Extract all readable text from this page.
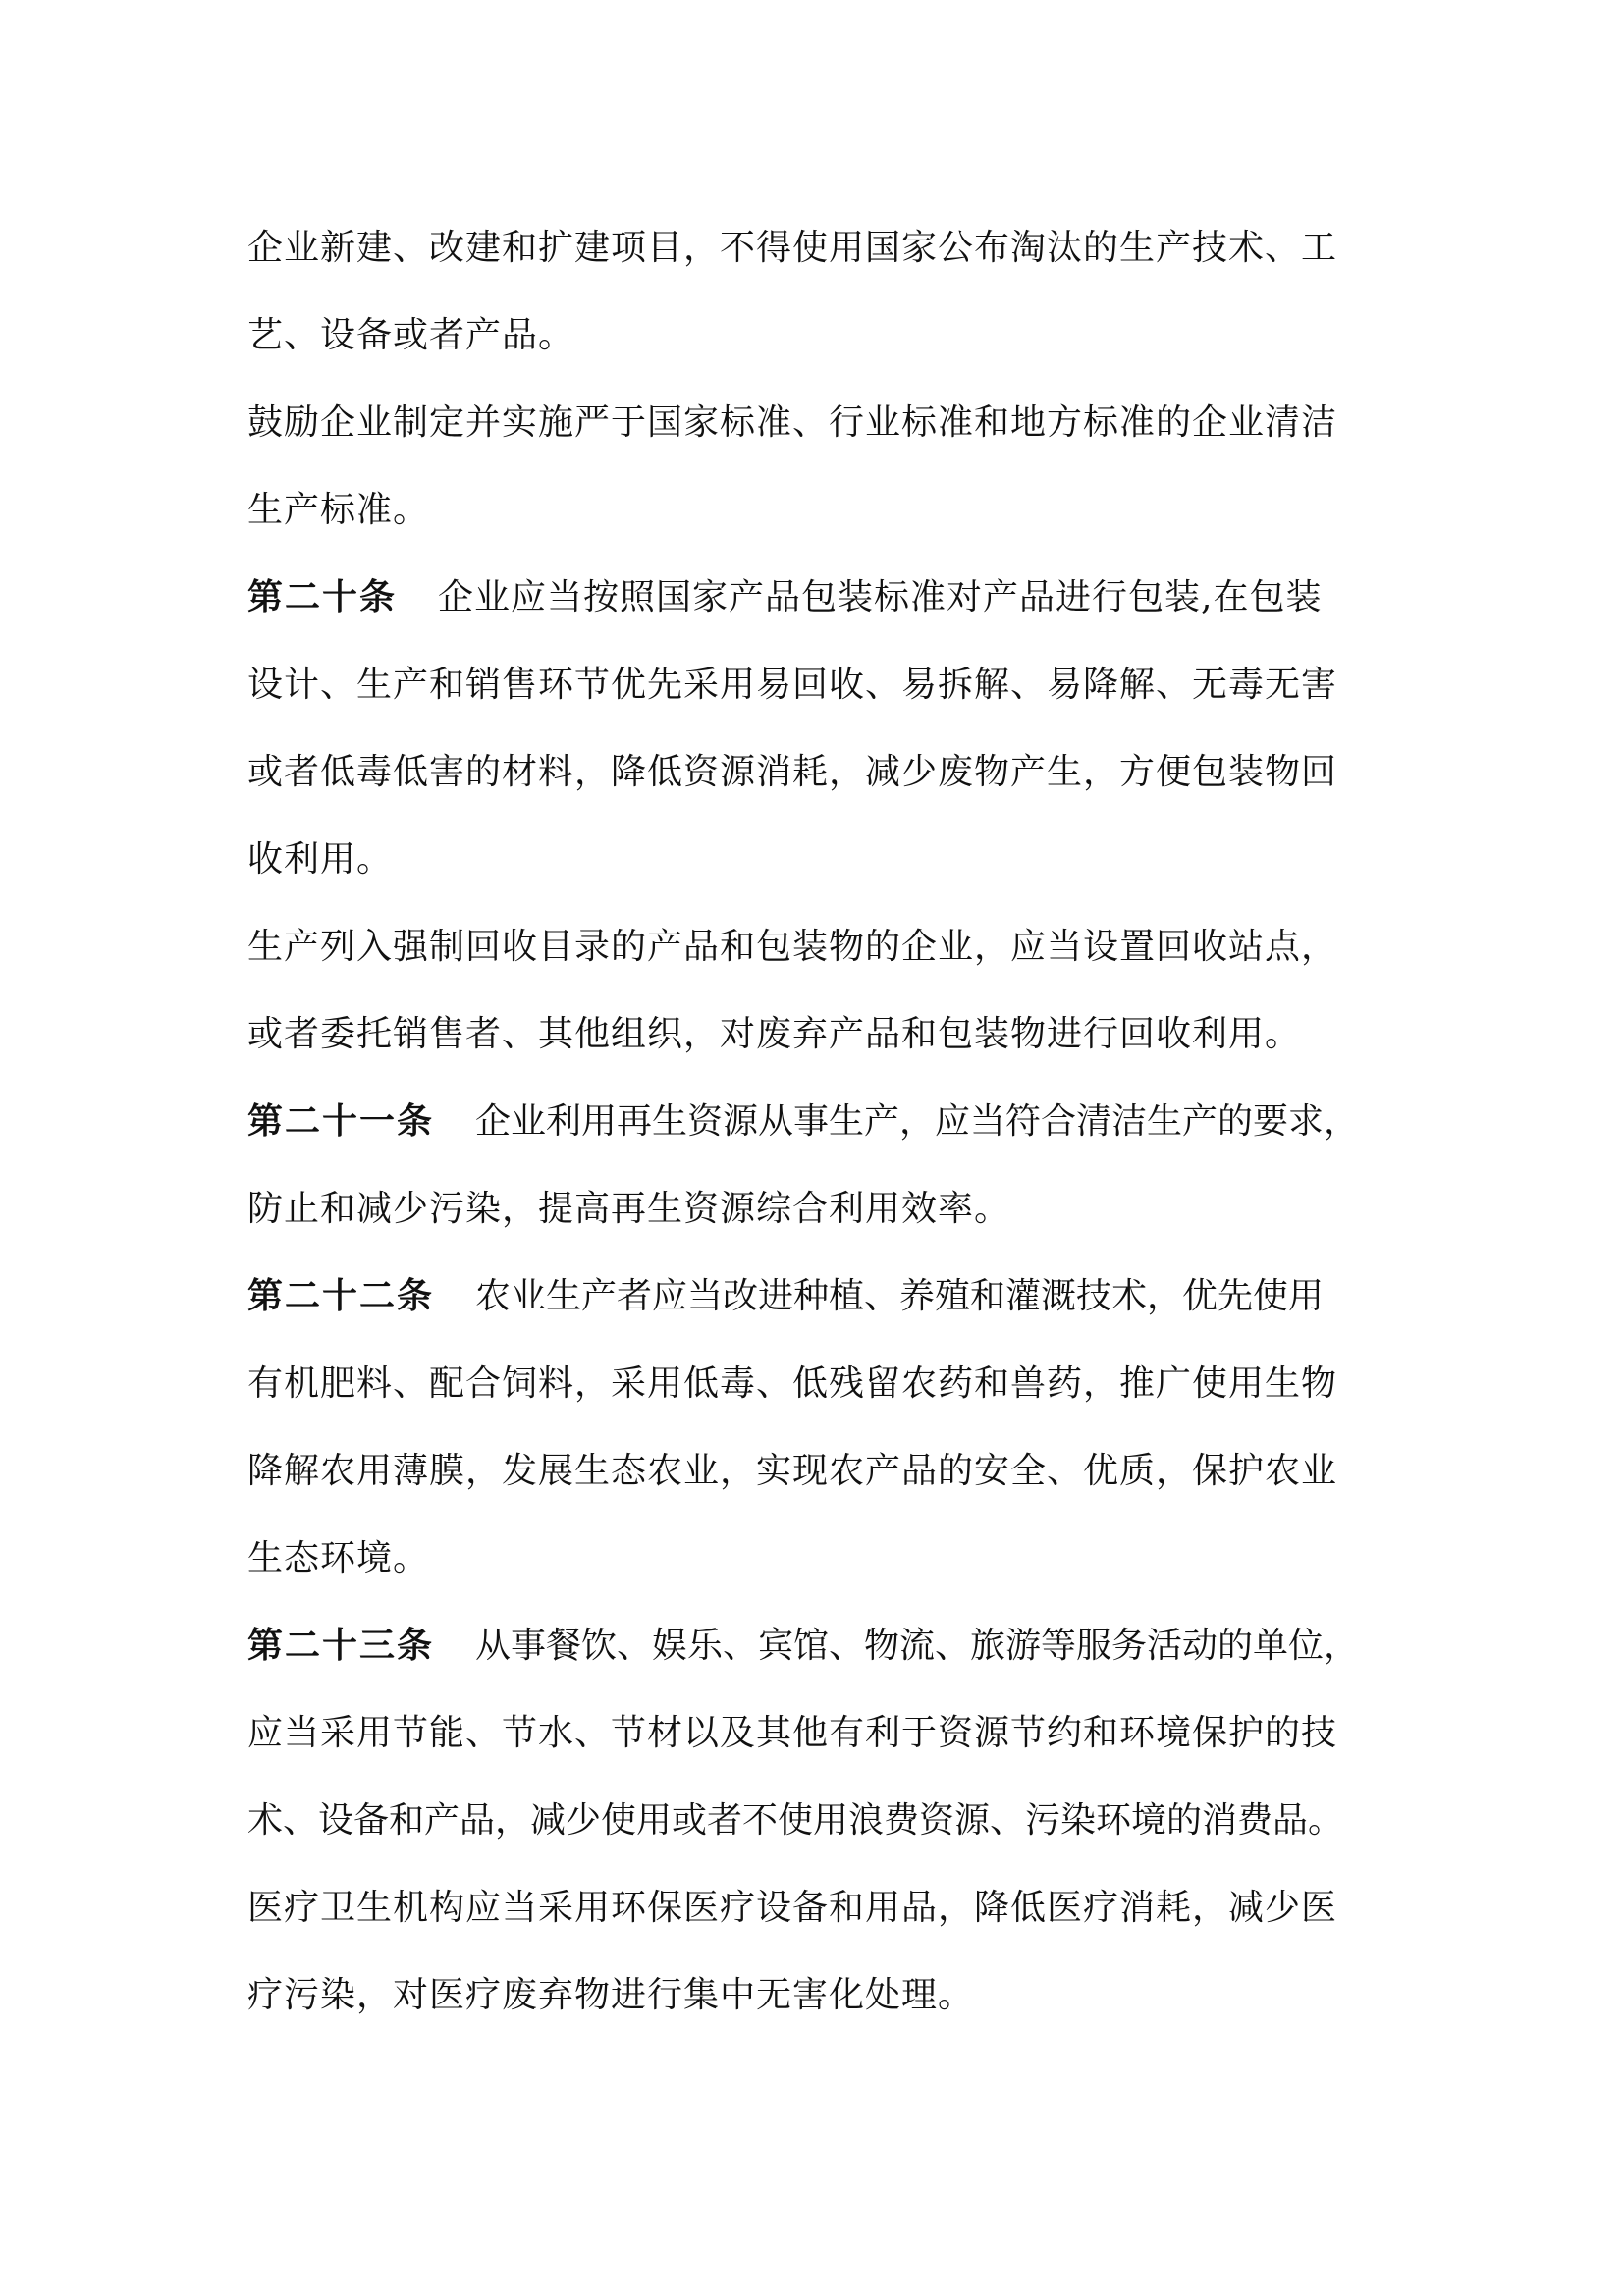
企业新建、改建和扩建项目，不得使用国家公布淘汰的生产技术、工
艺、设备或者产品。
鼓励企业制定并实施严于国家标准、行业标准和地方标准的企业清洁
生产标准。
第二十条 企业应当按照国家产品包装标准对产品进行包装,在包装
设计、生产和销售环节优先采用易回收、易拆解、易降解、无毒无害
或者低毒低害的材料，降低资源消耗，减少废物产生，方便包装物回
收利用。
生产列入强制回收目录的产品和包装物的企业，应当设置回收站点，
或者委托销售者、其他组织，对废弃产品和包装物进行回收利用。
第二十一条 企业利用再生资源从事生产，应当符合清洁生产的要求，
防止和减少污染，提高再生资源综合利用效率。
第二十二条 农业生产者应当改进种植、养殖和灌溉技术，优先使用
有机肥料、配合饲料，采用低毒、低残留农药和兽药，推广使用生物
降解农用薄膜，发展生态农业，实现农产品的安全、优质，保护农业
生态环境。
第二十三条 从事餐饮、娱乐、宾馆、物流、旅游等服务活动的单位，
应当采用节能、节水、节材以及其他有利于资源节约和环境保护的技
术、设备和产品，减少使用或者不使用浪费资源、污染环境的消费品。
医疗卫生机构应当采用环保医疗设备和用品，降低医疗消耗，减少医
疗污染，对医疗废弃物进行集中无害化处理。
